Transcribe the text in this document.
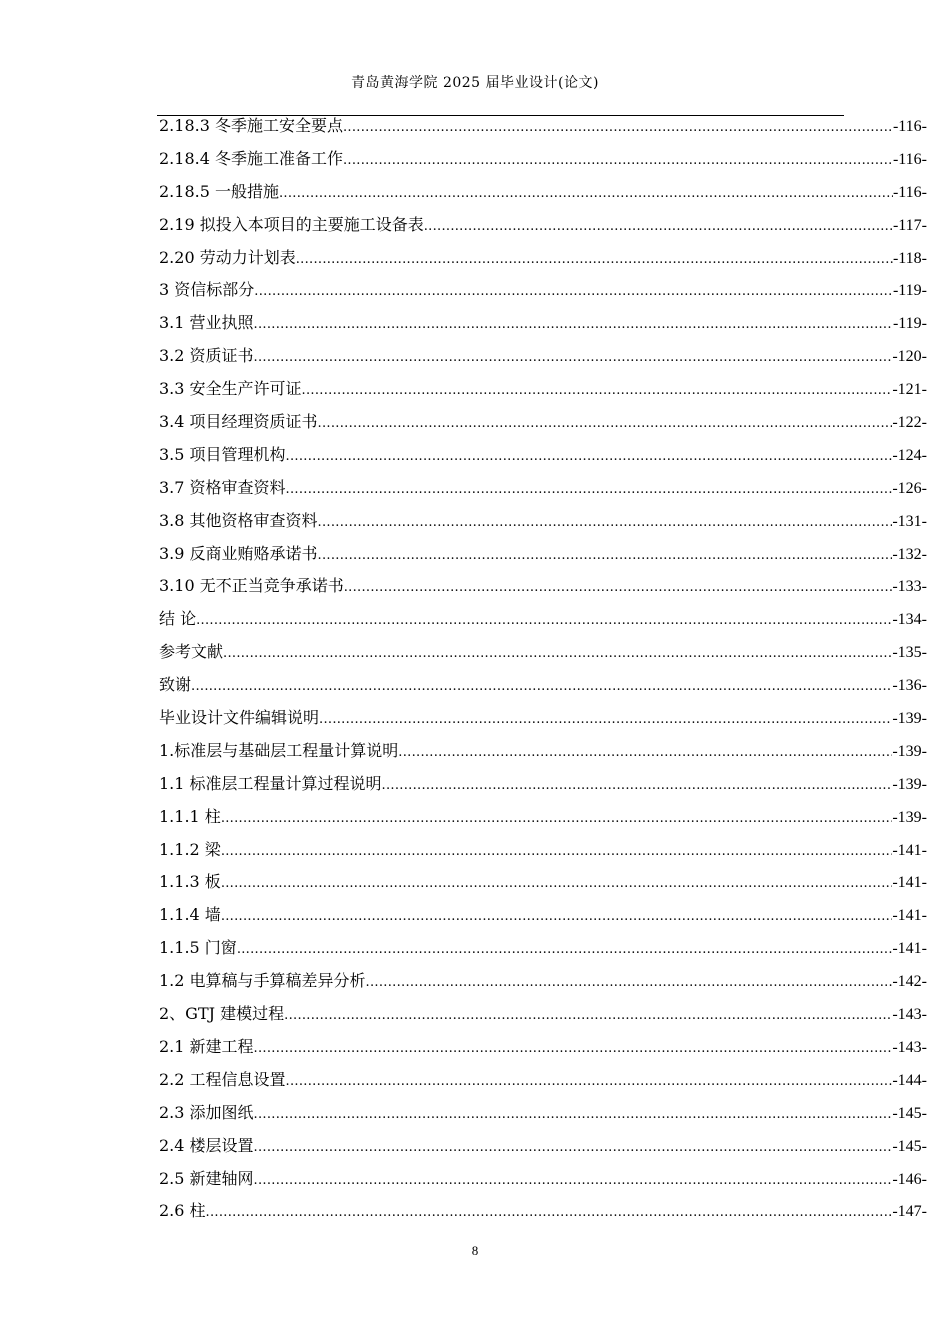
青岛黄海学院 2025 届毕业设计(论文)
2.18.3 冬季施工安全要点 .....	-116-
2.18.4 冬季施工准备工作 .....	-116-
2.18.5 一般措施 .....	-116-
2.19 拟投入本项目的主要施工设备表 .....	-117-
2.20 劳动力计划表 .....	-118-
3 资信标部分 .....	-119-
3.1 营业执照 .....	-119-
3.2 资质证书 .....	-120-
3.3 安全生产许可证 .....	-121-
3.4 项目经理资质证书 .....	-122-
3.5 项目管理机构 .....	-124-
3.7 资格审查资料 .....	-126-
3.8 其他资格审查资料 .....	-131-
3.9 反商业贿赂承诺书 .....	-132-
3.10 无不正当竞争承诺书 .....	-133-
结 论 .....	-134-
参考文献 .....	-135-
致谢 .....	-136-
毕业设计文件编辑说明 .....	-139-
1.标准层与基础层工程量计算说明 .....	-139-
1.1 标准层工程量计算过程说明 .....	-139-
1.1.1 柱 .....	-139-
1.1.2 梁 .....	-141-
1.1.3 板 .....	-141-
1.1.4 墙 .....	-141-
1.1.5 门窗 .....	-141-
1.2 电算稿与手算稿差异分析 .....	-142-
2、GTJ 建模过程 .....	-143-
2.1 新建工程 .....	-143-
2.2 工程信息设置 .....	-144-
2.3 添加图纸 .....	-145-
2.4 楼层设置 .....	-145-
2.5 新建轴网 .....	-146-
2.6 柱 .....	-147-
8
